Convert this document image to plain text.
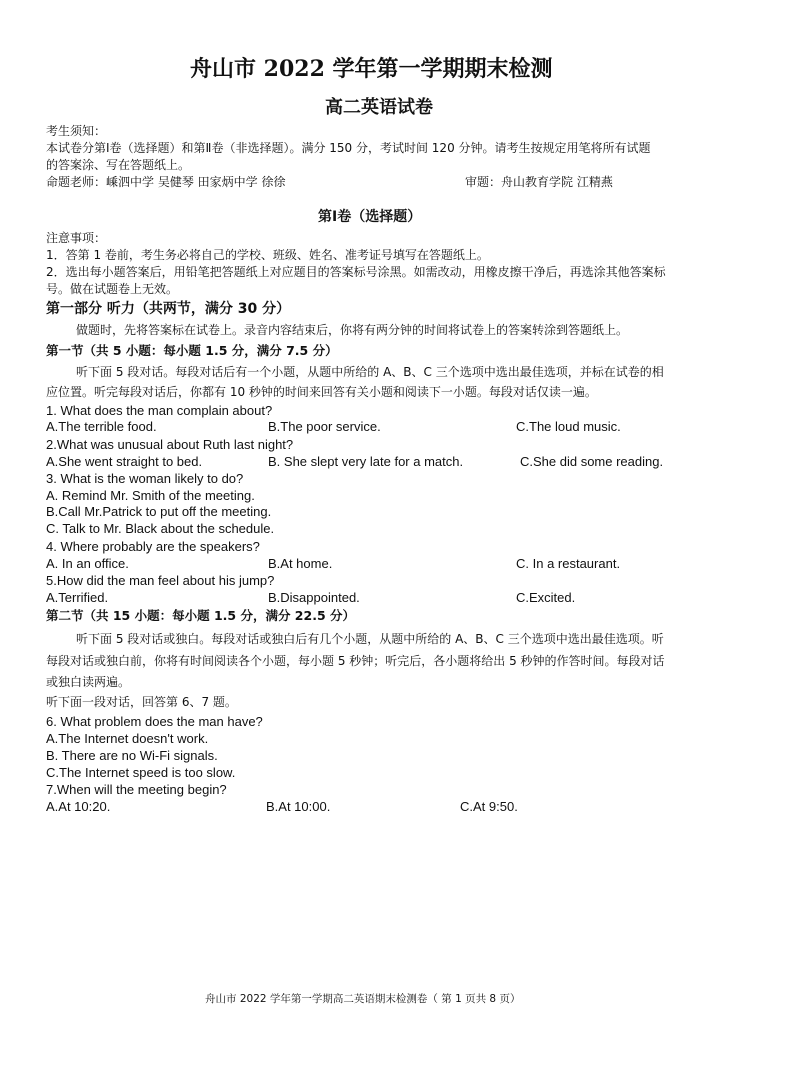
舟山市 2022 学年第一学期期末检测
高二英语试卷
考生须知：
本试卷分第Ⅰ卷（选择题）和第Ⅱ卷（非选择题）。满分 150 分，考试时间 120 分钟。请考生按规定用笔将所有试题
的答案涂、写在答题纸上。
命题老师：嵊泗中学 吴健琴 田家炳中学 徐徐	审题：舟山教育学院 江精燕
第Ⅰ卷（选择题）
注意事项：
1．答第 1 卷前，考生务必将自己的学校、班级、姓名、准考证号填写在答题纸上。
2．选出每小题答案后，用铅笔把答题纸上对应题目的答案标号涂黑。如需改动，用橡皮擦干净后，再选涂其他答案标
号。做在试题卷上无效。
第一部分 听力（共两节，满分 30 分）
做题时，先将答案标在试卷上。录音内容结束后，你将有两分钟的时间将试卷上的答案转涂到答题纸上。
第一节（共 5 小题：每小题 1.5 分，满分 7.5 分）
听下面 5 段对话。每段对话后有一个小题，从题中所给的 A、B、C 三个选项中选出最佳选项，并标在试卷的相
应位置。听完每段对话后，你都有 10 秒钟的时间来回答有关小题和阅读下一小题。每段对话仅读一遍。
1. What does the man complain about?
A.The terrible food.	B.The poor service.	C.The loud music.
2.What was unusual about Ruth last night?
A.She went straight to bed.	B. She slept very late for a match.	C.She did some reading.
3. What is the woman likely to do?
A. Remind Mr. Smith of the meeting.
B.Call Mr.Patrick to put off the meeting.
C. Talk to Mr. Black about the schedule.
4. Where probably are the speakers?
A. In an office.	B.At home.	C. In a restaurant.
5.How did the man feel about his jump?
A.Terrified.	B.Disappointed.	C.Excited.
第二节（共 15 小题：每小题 1.5 分，满分 22.5 分）
听下面 5 段对话或独白。每段对话或独白后有几个小题，从题中所给的 A、B、C 三个选项中选出最佳选项。听
每段对话或独白前，你将有时间阅读各个小题，每小题 5 秒钟；听完后，各小题将给出 5 秒钟的作答时间。每段对话
或独白读两遍。
听下面一段对话，回答第 6、7 题。
6. What problem does the man have?
A.The Internet doesn't work.
B. There are no Wi-Fi signals.
C.The Internet speed is too slow.
7.When will the meeting begin?
A.At 10:20.	B.At 10:00.	C.At 9:50.
舟山市 2022 学年第一学期高二英语期末检测卷（ 第 1 页共 8 页）
